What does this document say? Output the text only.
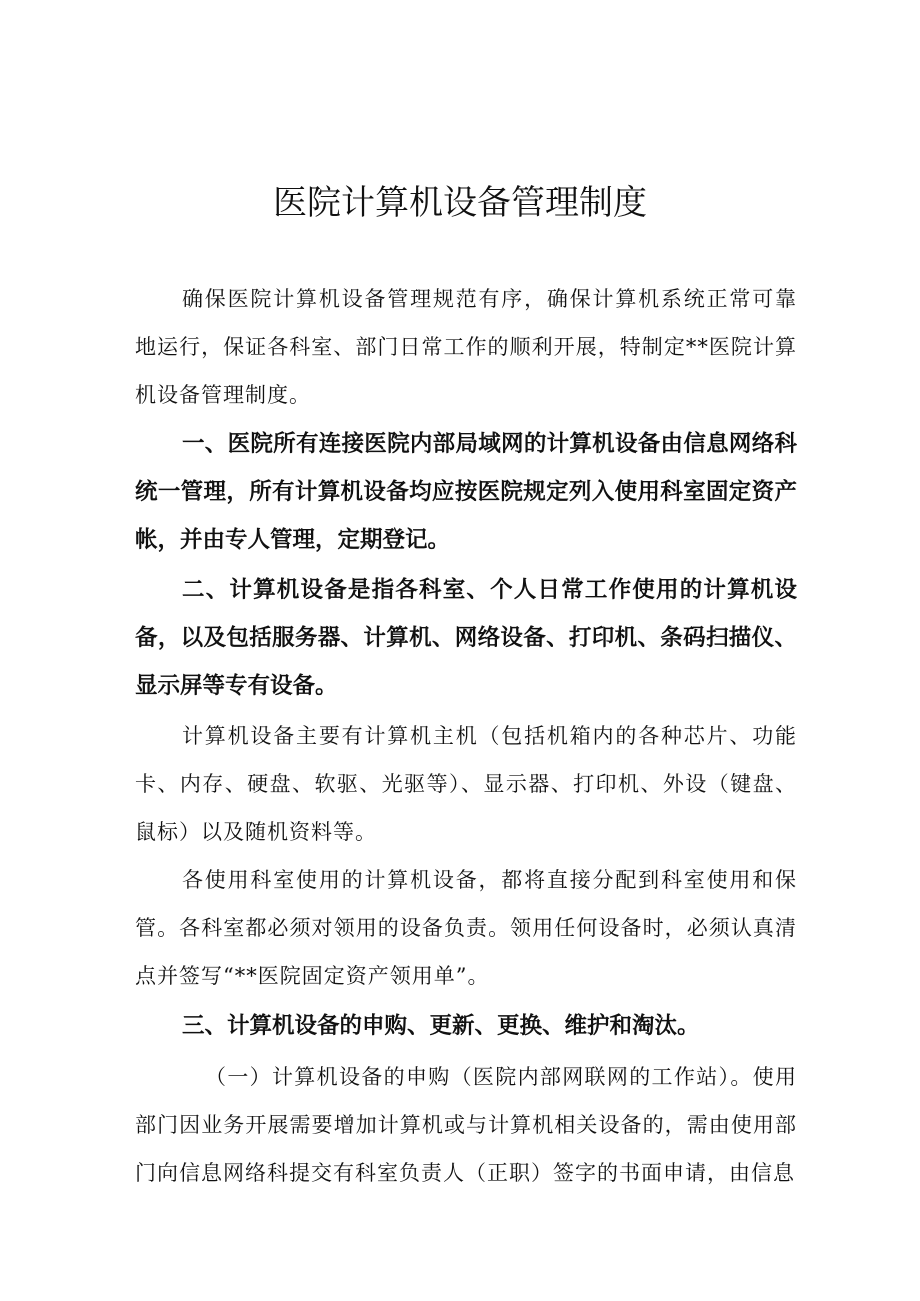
医院计算机设备管理制度

确保医院计算机设备管理规范有序，确保计算机系统正常可靠地运行，保证各科室、部门日常工作的顺利开展，特制定**医院计算机设备管理制度。

一、医院所有连接医院内部局域网的计算机设备由信息网络科统一管理，所有计算机设备均应按医院规定列入使用科室固定资产帐，并由专人管理，定期登记。

二、计算机设备是指各科室、个人日常工作使用的计算机设备，以及包括服务器、计算机、网络设备、打印机、条码扫描仪、显示屏等专有设备。

计算机设备主要有计算机主机（包括机箱内的各种芯片、功能卡、内存、硬盘、软驱、光驱等）、显示器、打印机、外设（键盘、鼠标）以及随机资料等。

各使用科室使用的计算机设备，都将直接分配到科室使用和保管。各科室都必须对领用的设备负责。领用任何设备时，必须认真清点并签写“**医院固定资产领用单”。

三、计算机设备的申购、更新、更换、维护和淘汰。

（一）计算机设备的申购（医院内部网联网的工作站）。使用部门因业务开展需要增加计算机或与计算机相关设备的，需由使用部门向信息网络科提交有科室负责人（正职）签字的书面申请，由信息
